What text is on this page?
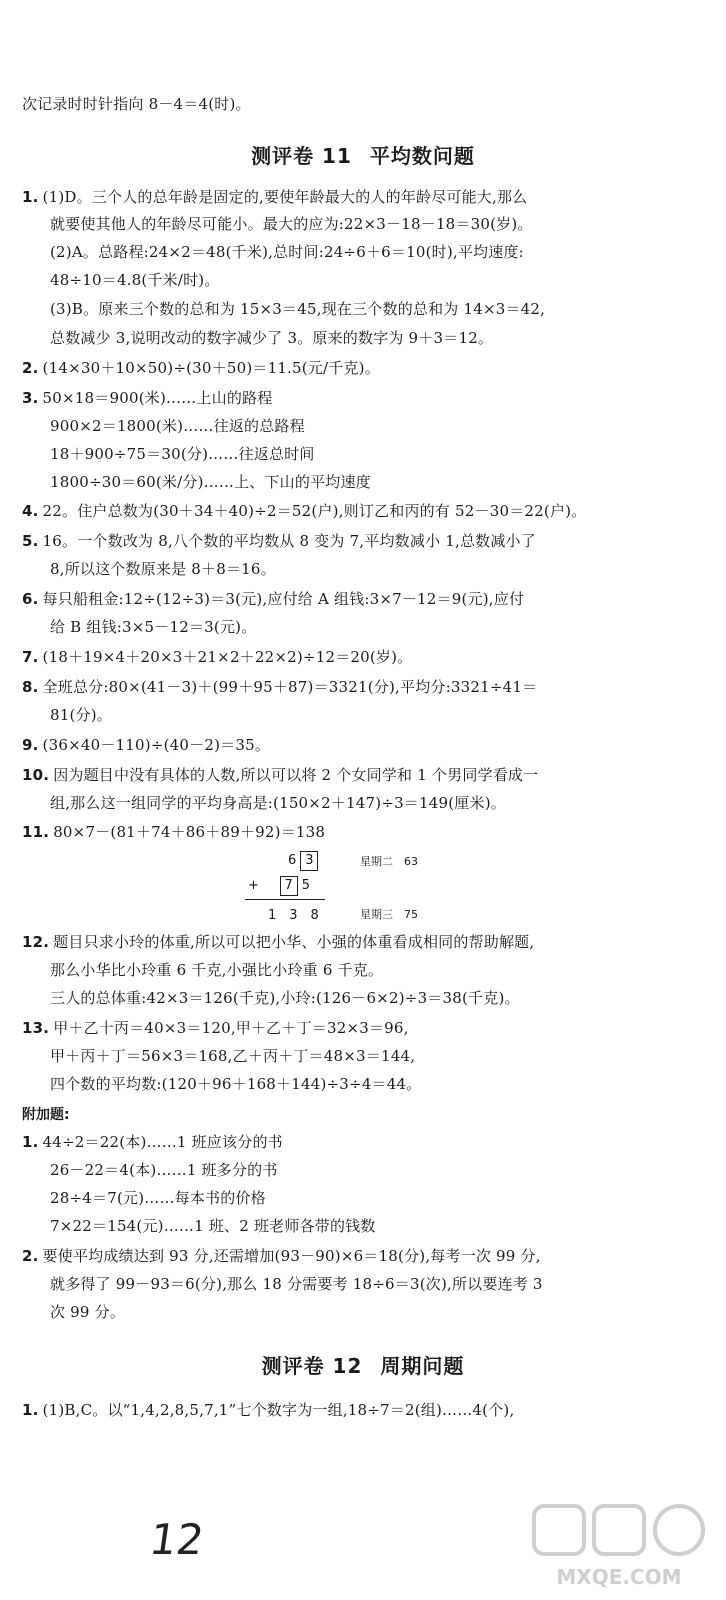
次记录时时针指向 8－4＝4(时)。
测评卷 11 平均数问题
1. (1)D。三个人的总年龄是固定的,要使年龄最大的人的年龄尽可能大,那么
就要使其他人的年龄尽可能小。最大的应为:22×3－18－18＝30(岁)。
(2)A。总路程:24×2＝48(千米),总时间:24÷6＋6＝10(时),平均速度:
48÷10＝4.8(千米/时)。
(3)B。原来三个数的总和为 15×3＝45,现在三个数的总和为 14×3＝42,
总数减少 3,说明改动的数字减少了 3。原来的数字为 9＋3＝12。
2. (14×30＋10×50)÷(30＋50)＝11.5(元/千克)。
3. 50×18＝900(米)……上山的路程
900×2＝1800(米)……往返的总路程
18＋900÷75＝30(分)……往返总时间
1800÷30＝60(米/分)……上、下山的平均速度
4. 22。住户总数为(30＋34＋40)÷2＝52(户),则订乙和丙的有 52－30＝22(户)。
5. 16。一个数改为 8,八个数的平均数从 8 变为 7,平均数减小 1,总数减小了
8,所以这个数原来是 8＋8＝16。
6. 每只船租金:12÷(12÷3)＝3(元),应付给 A 组钱:3×7－12＝9(元),应付
给 B 组钱:3×5－12＝3(元)。
7. (18＋19×4＋20×3＋21×2＋22×2)÷12＝20(岁)。
8. 全班总分:80×(41－3)＋(99＋95＋87)＝3321(分),平均分:3321÷41＝
81(分)。
9. (36×40－110)÷(40－2)＝35。
10. 因为题目中没有具体的人数,所以可以将 2 个女同学和 1 个男同学看成一
组,那么这一组同学的平均身高是:(150×2＋147)÷3＝149(厘米)。
11. 80×7－(81＋74＋86＋89＋92)＝138
6 3	星期二　63
+ 7 5
1　3　8	星期三　75
12. 题目只求小玲的体重,所以可以把小华、小强的体重看成相同的帮助解题,
那么小华比小玲重 6 千克,小强比小玲重 6 千克。
三人的总体重:42×3＝126(千克),小玲:(126－6×2)÷3＝38(千克)。
13. 甲＋乙十丙＝40×3＝120,甲＋乙＋丁＝32×3＝96,
甲＋丙＋丁＝56×3＝168,乙＋丙＋丁＝48×3＝144,
四个数的平均数:(120＋96＋168＋144)÷3÷4＝44。
附加题:
1. 44÷2＝22(本)……1 班应该分的书
26－22＝4(本)……1 班多分的书
28÷4＝7(元)……每本书的价格
7×22＝154(元)……1 班、2 班老师各带的钱数
2. 要使平均成绩达到 93 分,还需增加(93－90)×6＝18(分),每考一次 99 分,
就多得了 99－93＝6(分),那么 18 分需要考 18÷6＝3(次),所以要连考 3
次 99 分。
测评卷 12 周期问题
1. (1)B,C。以“1,4,2,8,5,7,1”七个数字为一组,18÷7＝2(组)……4(个),
12
MXQE.COM
